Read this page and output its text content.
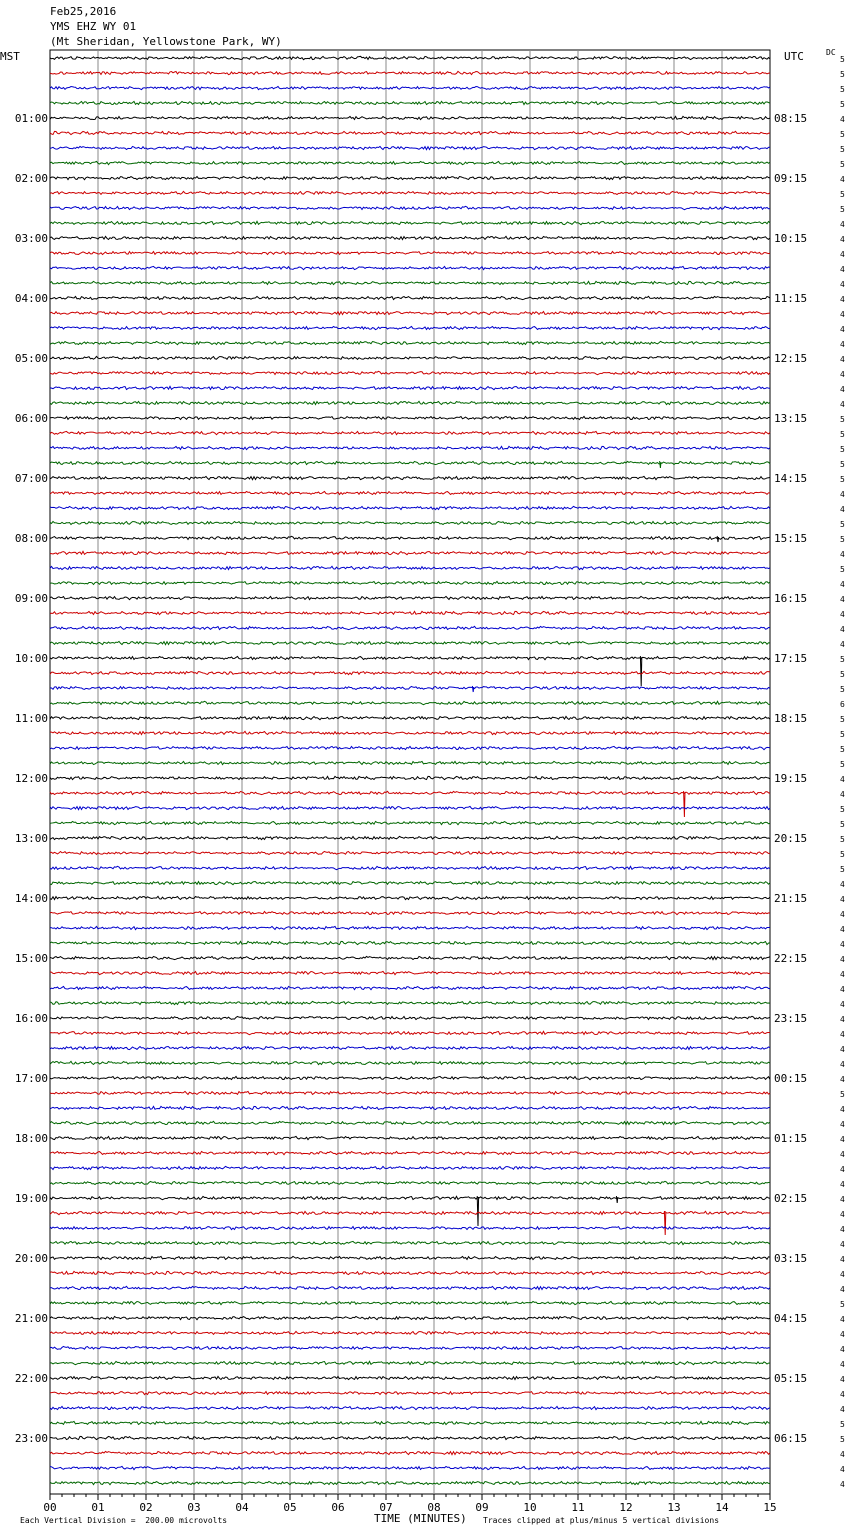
Feb25,2016
YMS EHZ WY 01
(Mt Sheridan, Yellowstone Park, WY)
MST	UTC	DC
5
5
5
5
4
5
5
5
4
5
5
4
4
4
4
4
4
4
4
4
4
4
4
4
5
5
5
5
5
4
4
5
5
4
5
4
4
4
4
4
5
5
5
6
5
5
5
5
4
4
5
5
5
5
5
4
4
4
4
4
4
4
4
4
4
4
4
4
4
5
4
4
4
4
4
4
4
4
4
4
4
4
4
5
4
4
4
4
4
4
4
5
5
4
4
4
01:00	08:15
02:00	09:15
03:00	10:15
04:00	11:15
05:00	12:15
06:00	13:15
07:00	14:15
08:00	15:15
09:00	16:15
10:00	17:15
11:00	18:15
12:00	19:15
13:00	20:15
14:00	21:15
15:00	22:15
16:00	23:15
17:00	00:15
18:00	01:15
19:00	02:15
20:00	03:15
21:00	04:15
22:00	05:15
23:00	06:15
00	01	02	03	04	05	06	07	08	09	10	11	12	13	14	15
Each Vertical Division =  200.00 microvolts	TIME (MINUTES) Traces clipped at plus/minus 5 vertical divisions
